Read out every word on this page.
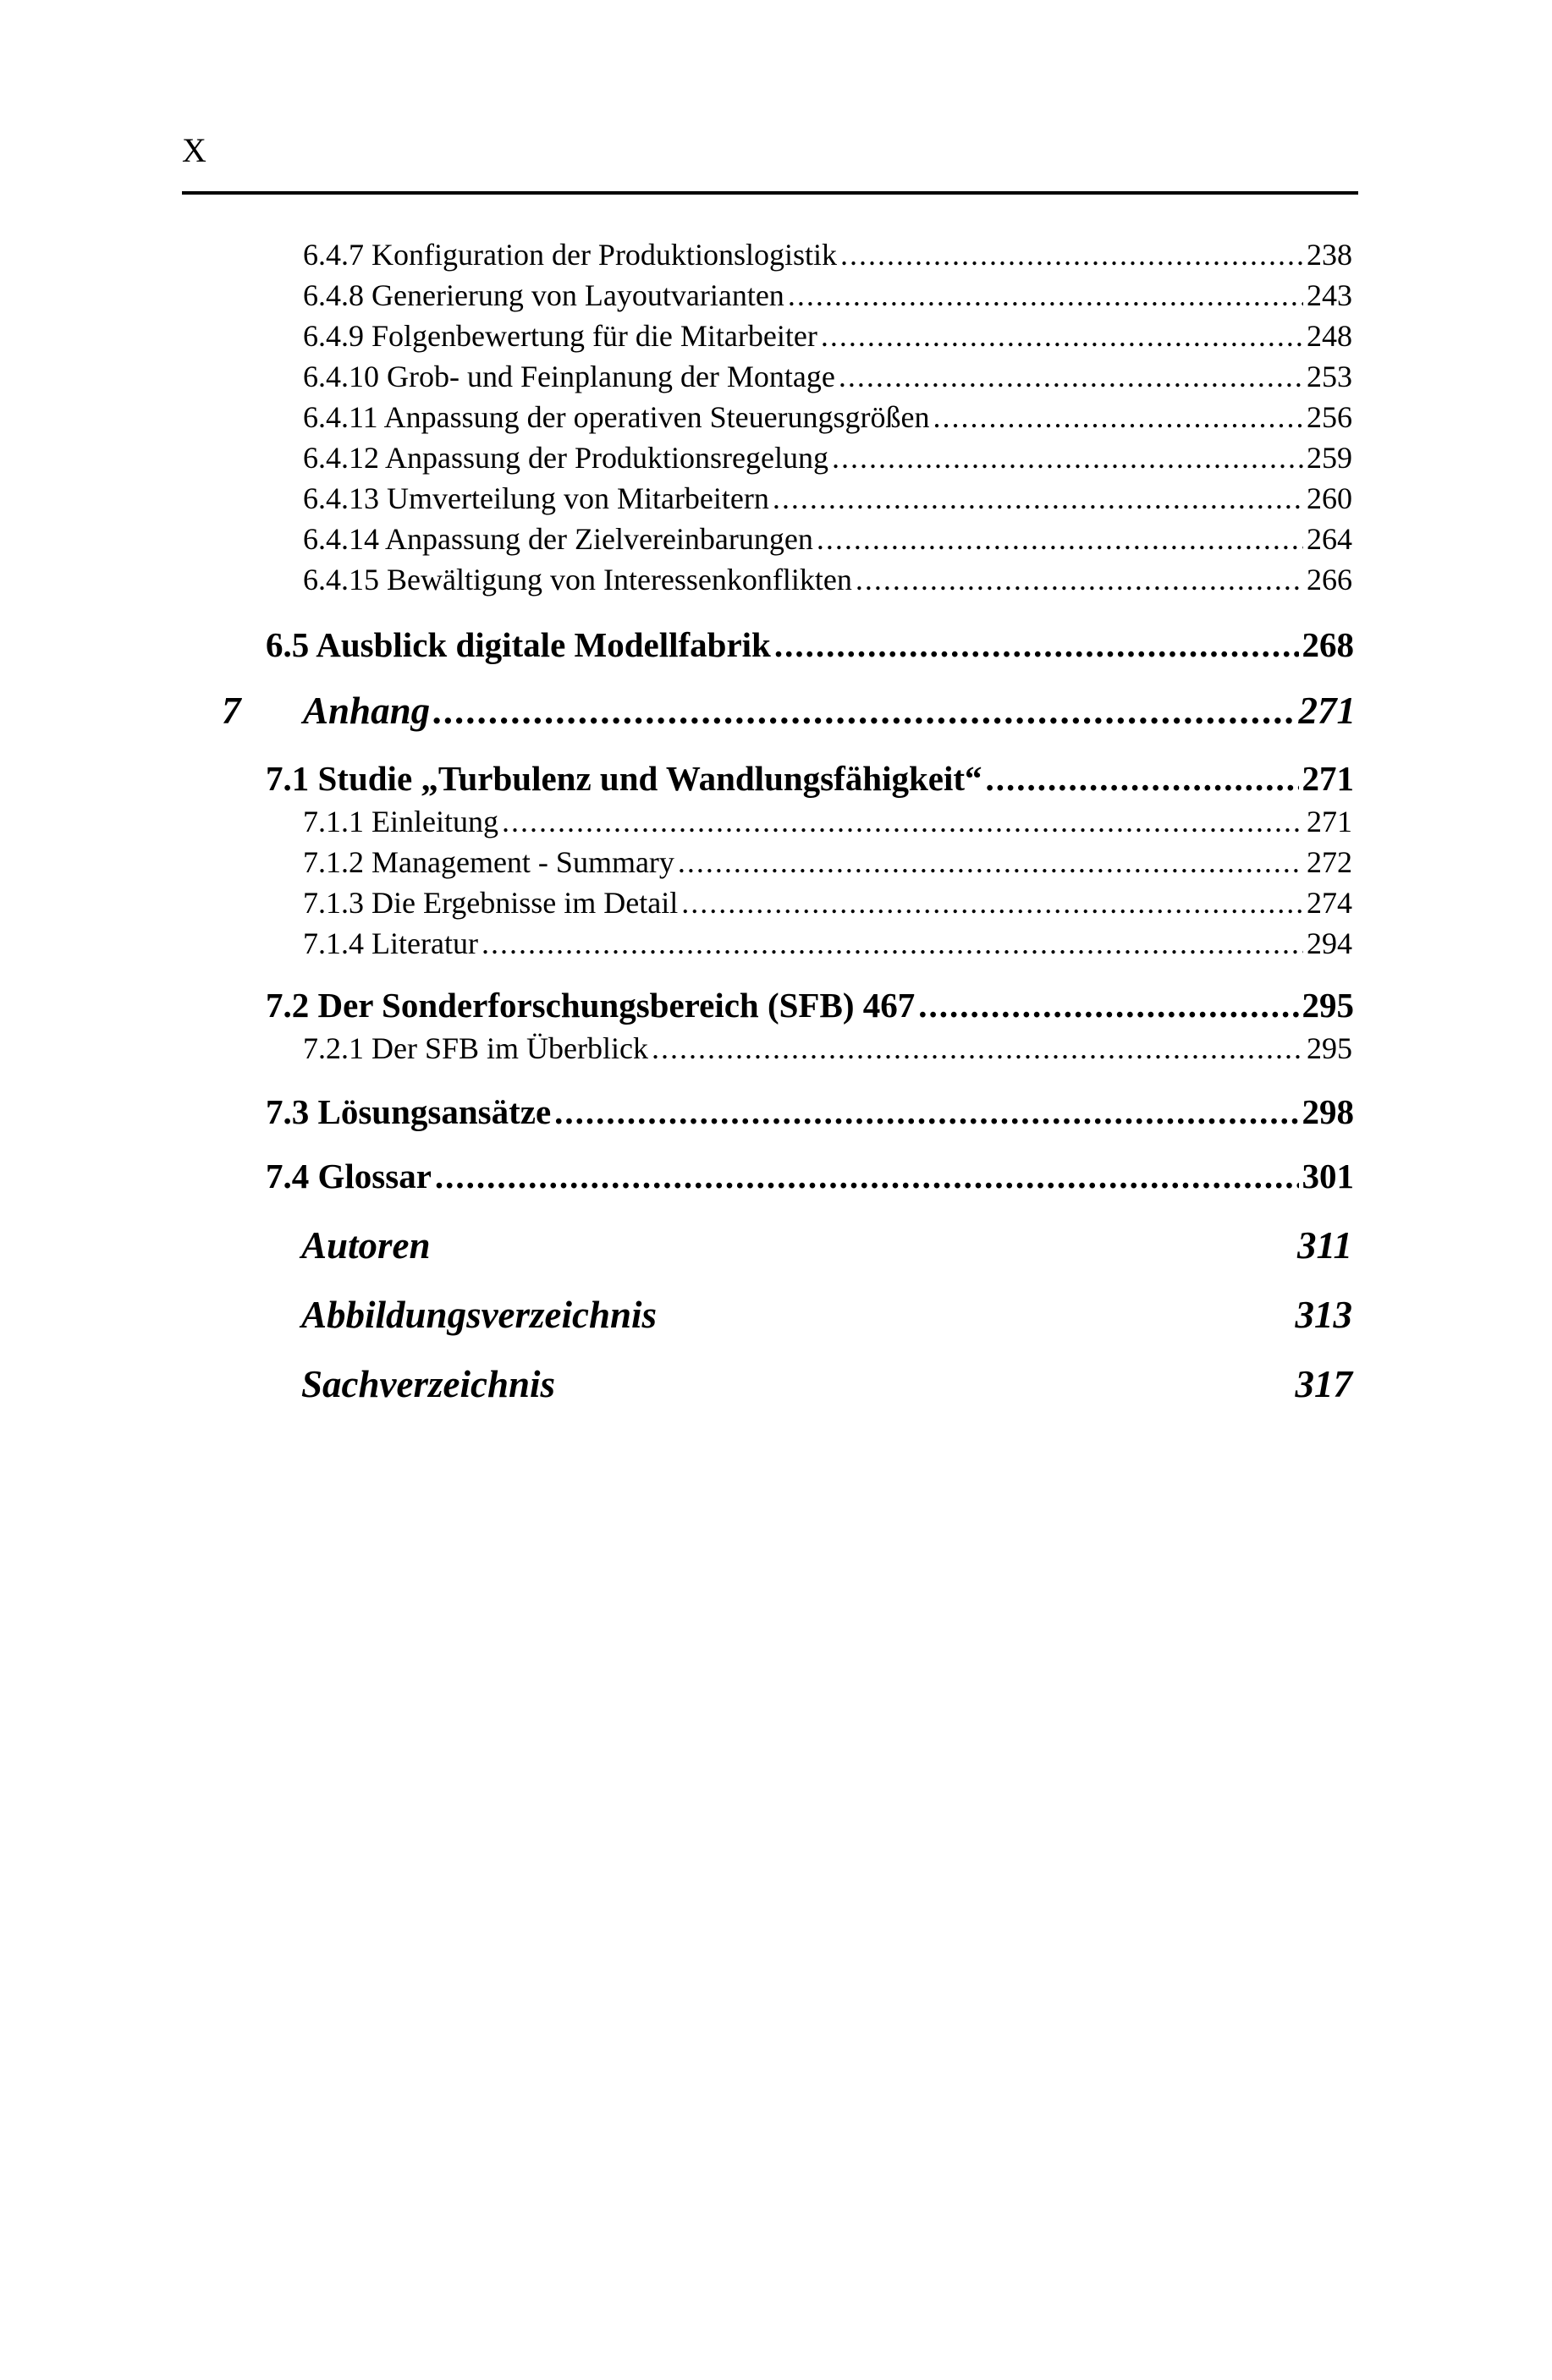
X
6.4.7 Konfiguration der Produktionslogistik .....	238
6.4.8 Generierung von Layoutvarianten .....	243
6.4.9 Folgenbewertung für die Mitarbeiter .....	248
6.4.10 Grob- und Feinplanung der Montage .....	253
6.4.11 Anpassung der operativen Steuerungsgrößen .....	256
6.4.12 Anpassung der Produktionsregelung .....	259
6.4.13 Umverteilung von Mitarbeitern .....	260
6.4.14 Anpassung der Zielvereinbarungen .....	264
6.4.15 Bewältigung von Interessenkonflikten .....	266
6.5 Ausblick digitale Modellfabrik .....	268
7 Anhang .....	271
7.1 Studie „Turbulenz und Wandlungsfähigkeit“ .....	271
7.1.1 Einleitung .....	271
7.1.2 Management - Summary .....	272
7.1.3 Die Ergebnisse im Detail .....	274
7.1.4 Literatur .....	294
7.2 Der Sonderforschungsbereich (SFB) 467 .....	295
7.2.1 Der SFB im Überblick .....	295
7.3 Lösungsansätze .....	298
7.4 Glossar .....	301
Autoren	311
Abbildungsverzeichnis	313
Sachverzeichnis	317
